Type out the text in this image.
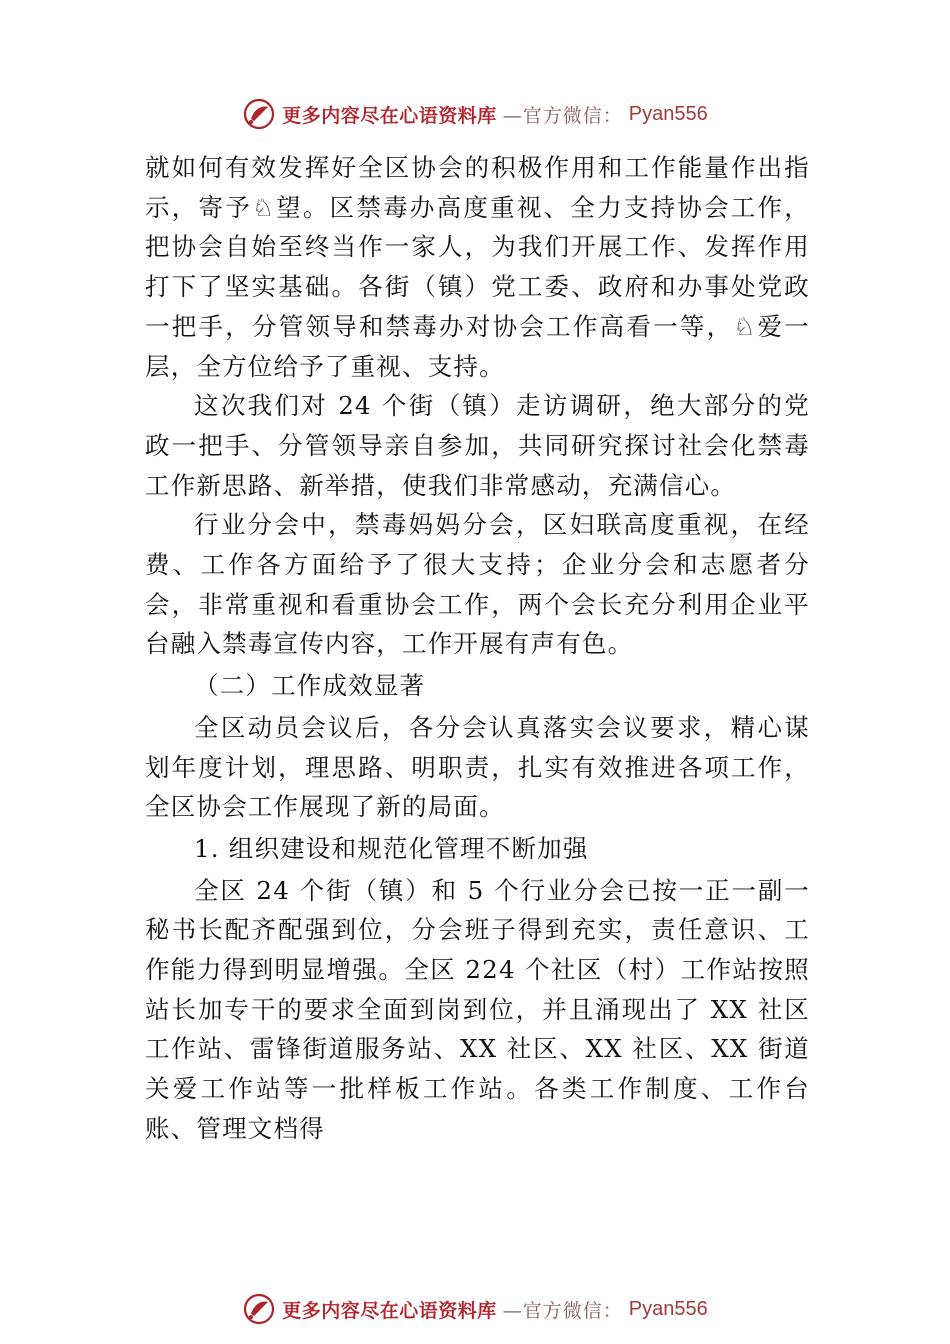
更多内容尽在心语资料库 —官方微信： Pyan556

就如何有效发挥好全区协会的积极作用和工作能量作出指示，寄予♘望。区禁毒办高度重视、全力支持协会工作，把协会自始至终当作一家人，为我们开展工作、发挥作用打下了坚实基础。各街（镇）党工委、政府和办事处党政一把手，分管领导和禁毒办对协会工作高看一等，♘爱一层，全方位给予了重视、支持。

这次我们对 24 个街（镇）走访调研，绝大部分的党政一把手、分管领导亲自参加，共同研究探讨社会化禁毒工作新思路、新举措，使我们非常感动，充满信心。

行业分会中，禁毒妈妈分会，区妇联高度重视，在经费、工作各方面给予了很大支持；企业分会和志愿者分会，非常重视和看重协会工作，两个会长充分利用企业平台融入禁毒宣传内容，工作开展有声有色。

（二）工作成效显著

全区动员会议后，各分会认真落实会议要求，精心谋划年度计划，理思路、明职责，扎实有效推进各项工作，全区协会工作展现了新的局面。

1. 组织建设和规范化管理不断加强

全区 24 个街（镇）和 5 个行业分会已按一正一副一秘书长配齐配强到位，分会班子得到充实，责任意识、工作能力得到明显增强。全区 224 个社区（村）工作站按照站长加专干的要求全面到岗到位，并且涌现出了 XX 社区工作站、雷锋街道服务站、XX 社区、XX 社区、XX 街道关爱工作站等一批样板工作站。各类工作制度、工作台账、管理文档得

更多内容尽在心语资料库 —官方微信： Pyan556
